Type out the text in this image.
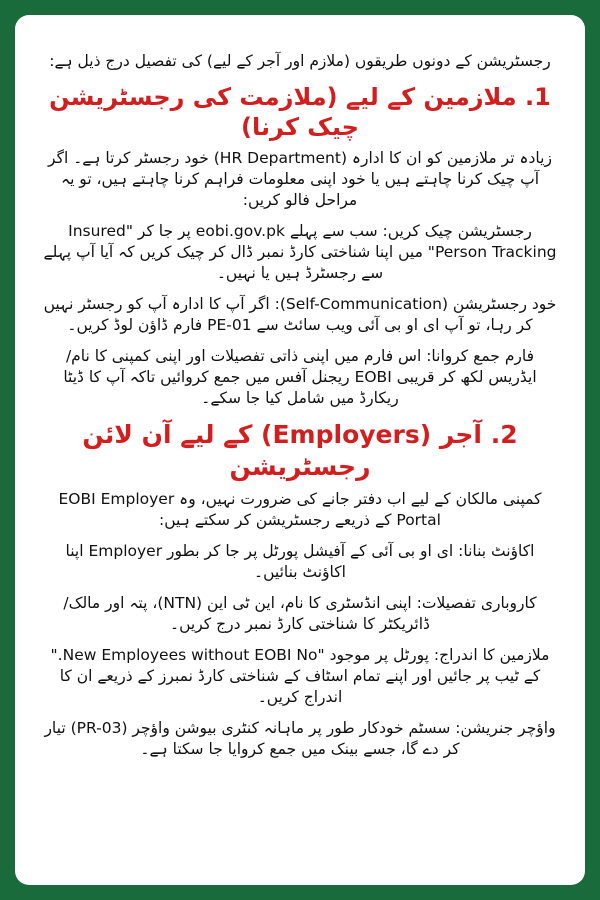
رجسٹریشن کے دونوں طریقوں (ملازم اور آجر کے لیے) کی تفصیل درج ذیل ہے:

1. ملازمین کے لیے (ملازمت کی رجسٹریشن چیک کرنا)

زیادہ تر ملازمین کو ان کا ادارہ (HR Department) خود رجسٹر کرتا ہے۔ اگر آپ چیک کرنا چاہتے ہیں یا خود اپنی معلومات فراہم کرنا چاہتے ہیں، تو یہ مراحل فالو کریں:

رجسٹریشن چیک کریں: سب سے پہلے eobi.gov.pk پر جا کر "Insured Person Tracking" میں اپنا شناختی کارڈ نمبر ڈال کر چیک کریں کہ آیا آپ پہلے سے رجسٹرڈ ہیں یا نہیں۔

خود رجسٹریشن (Self-Communication): اگر آپ کا ادارہ آپ کو رجسٹر نہیں کر رہا، تو آپ ای او بی آئی ویب سائٹ سے PE-01 فارم ڈاؤن لوڈ کریں۔

فارم جمع کروانا: اس فارم میں اپنی ذاتی تفصیلات اور اپنی کمپنی کا نام/ایڈریس لکھ کر قریبی EOBI ریجنل آفس میں جمع کروائیں تاکہ آپ کا ڈیٹا ریکارڈ میں شامل کیا جا سکے۔

2. آجر (Employers) کے لیے آن لائن رجسٹریشن

کمپنی مالکان کے لیے اب دفتر جانے کی ضرورت نہیں، وہ EOBI Employer Portal کے ذریعے رجسٹریشن کر سکتے ہیں:

اکاؤنٹ بنانا: ای او بی آئی کے آفیشل پورٹل پر جا کر بطور Employer اپنا اکاؤنٹ بنائیں۔

کاروباری تفصیلات: اپنی انڈسٹری کا نام، این ٹی این (NTN)، پتہ اور مالک/ڈائریکٹر کا شناختی کارڈ نمبر درج کریں۔

ملازمین کا اندراج: پورٹل پر موجود "New Employees without EOBI No." کے ٹیب پر جائیں اور اپنے تمام اسٹاف کے شناختی کارڈ نمبرز کے ذریعے ان کا اندراج کریں۔

واؤچر جنریشن: سسٹم خودکار طور پر ماہانہ کنٹری بیوشن واؤچر (PR-03) تیار کر دے گا، جسے بینک میں جمع کروایا جا سکتا ہے۔
